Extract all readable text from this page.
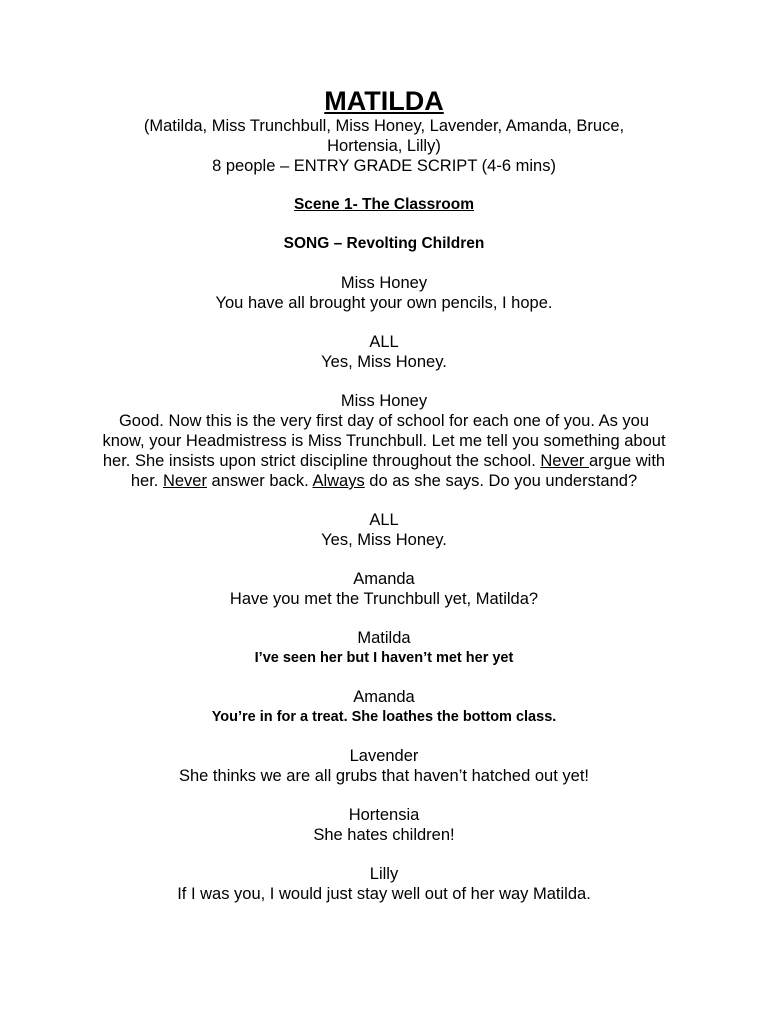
MATILDA

(Matilda, Miss Trunchbull, Miss Honey, Lavender, Amanda, Bruce,

Hortensia, Lilly)

8 people – ENTRY GRADE SCRIPT (4-6 mins)

Scene 1- The Classroom

SONG – Revolting Children

Miss Honey

You have all brought your own pencils, I hope.

ALL

Yes, Miss Honey.

Miss Honey

Good. Now this is the very first day of school for each one of you. As you know, your Headmistress is Miss Trunchbull. Let me tell you something about her. She insists upon strict discipline throughout the school. Never argue with her. Never answer back. Always do as she says. Do you understand?

ALL

Yes, Miss Honey.

Amanda

Have you met the Trunchbull yet, Matilda?

Matilda

I’ve seen her but I haven’t met her yet

Amanda

You’re in for a treat. She loathes the bottom class.

Lavender

She thinks we are all grubs that haven’t hatched out yet!

Hortensia

She hates children!

Lilly

If I was you, I would just stay well out of her way Matilda.
